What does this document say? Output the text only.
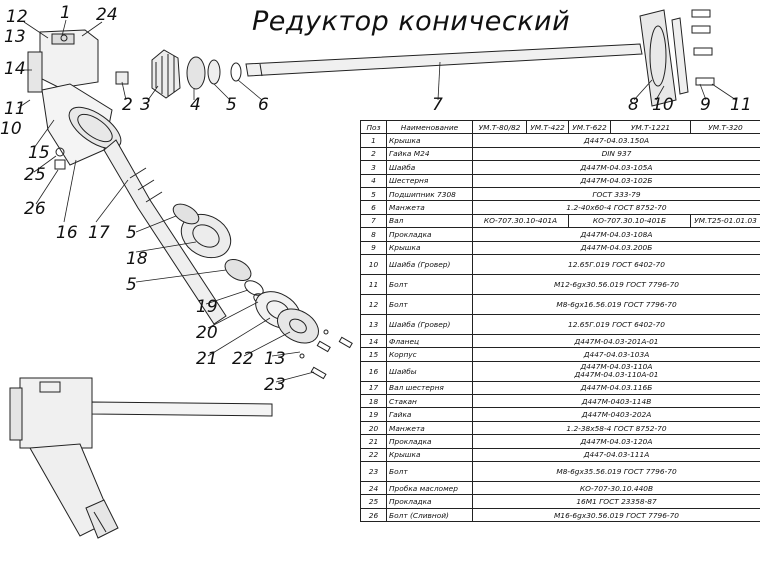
Редуктор конический
1
2 3 4 5
5
5
6	7	8	9
10
10	11
11
12
13
13
14
15
16 17
18
19
20
21 22
23
24
25
26
Поз	Наименование	УМ.Т-80/82	УМ.Т-422	УМ.Т-622	УМ.Т-1221	УМ.Т-320
1	Крышка	Д447-04.03.150А				
2	Гайка М24	DIN 937				
3	Шайба	Д447М-04.03-105А				
4	Шестерня	Д447М-04.03-102Б				
5	Подшипник 7308	ГОСТ 333-79				
6	Манжета	1.2-40х60-4 ГОСТ 8752-70				
7	Вал	КО-707.30.10-401А		КО-707.30.10-401Б		УМ.Т25-01.01.03
8	Прокладка	Д447М-04.03-108А				
9	Крышка	Д447М-04.03.200Б				
10	Шайба (Гровер)	12.65Г.019 ГОСТ 6402-70				
11	Болт	М12-6gх30.56.019 ГОСТ 7796-70				
12	Болт	М8-6gх16.56.019 ГОСТ 7796-70				
13	Шайба (Гровер)	12.65Г.019 ГОСТ 6402-70				
14	Фланец	Д447М-04.03-201А-01				
15	Корпус	Д447-04.03-103А				
16	Шайбы	Д447М-04.03-110А
Д447М-04.03-110А-01				
17	Вал шестерня	Д447М-04.03.116Б				
18	Стакан	Д447М-0403-114В				
19	Гайка	Д447М-0403-202А				
20	Манжета	1.2-38х58-4 ГОСТ 8752-70				
21	Прокладка	Д447М-04.03-120А				
22	Крышка	Д447-04.03-111А				
23	Болт	М8-6gх35.56.019 ГОСТ 7796-70				
24	Пробка масломер	КО-707-30.10.440В				
25	Прокладка	16М1 ГОСТ 23358-87				
26	Болт (Сливной)	М16-6gх30.56.019 ГОСТ 7796-70				
